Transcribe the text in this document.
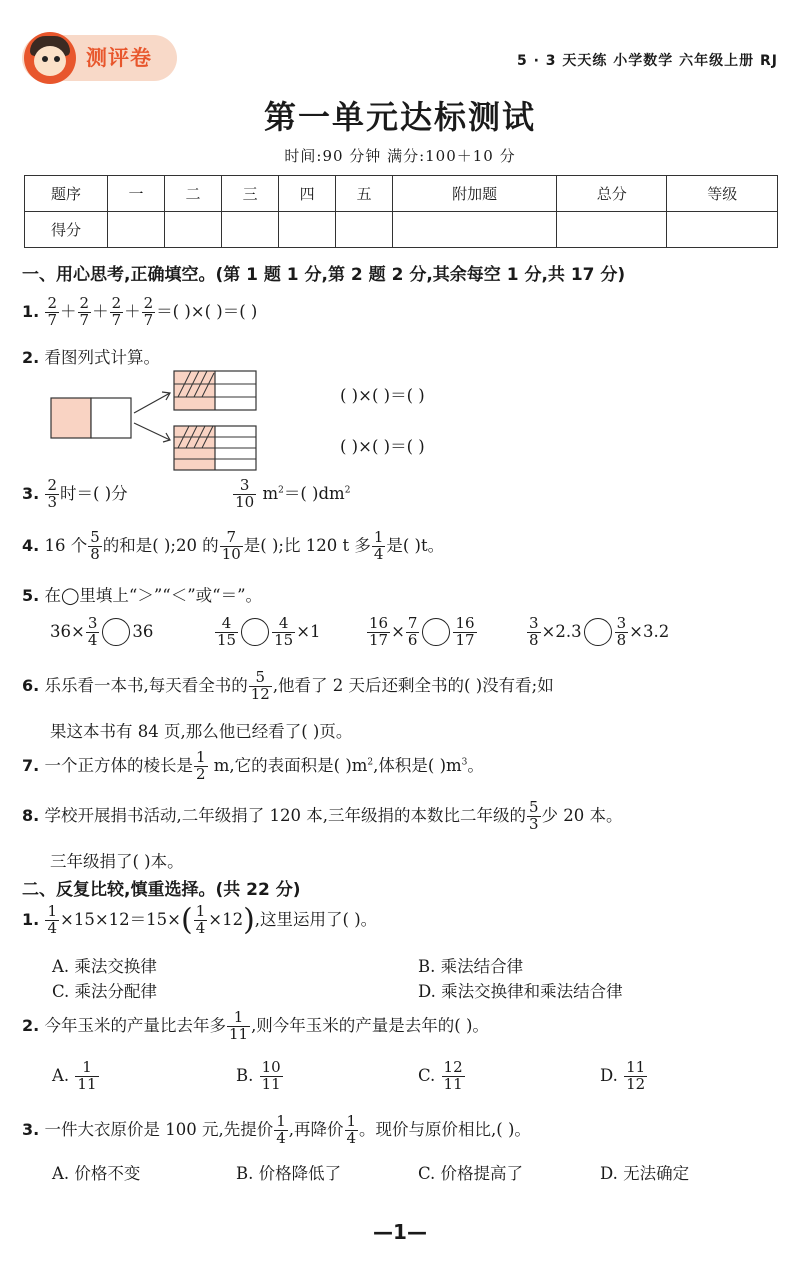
测评卷	5 · 3 天天练 小学数学 六年级上册 RJ
第一单元达标测试
时间:90 分钟 满分:100＋10 分
题序	一	二	三	四	五	附加题	总分	等级
得分								
一、用心思考,正确填空。(第 1 题 1 分,第 2 题 2 分,其余每空 1 分,共 17 分)
1. $\frac{2}{7} + \frac{2}{7} + \frac{2}{7} + \frac{2}{7}$ ＝( )×( )＝( )
2. 看图列式计算。
( )×( )＝( )
( )×( )＝( )
3. $\frac{2}{3}$ 时＝( )分	$\frac{3}{10} m^2=$( )$dm^2$
4. 16 个 $\frac{5}{8}$ 的和是( );20 的 $\frac{7}{10}$ 是( );比 120 t 多 $\frac{1}{4}$ 是( )t。
5. 在◯里填上“＞”“＜”或“＝”。
$36\times \frac{3}{4} 36$	$\frac{4}{15} \frac{4}{15} \times 1$	$\frac{16}{17} \times \frac{7}{6} \frac{16}{17}$	$\frac{3}{8} \times 2.3 \frac{3}{8} \times 3.2$
6. 乐乐看一本书,每天看全书的 $\frac{5}{12}$ ,他看了 2 天后还剩全书的( )没有看;如
果这本书有 84 页,那么他已经看了( )页。
7. 一个正方体的棱长是 $\frac{1}{2} m$,它的表面积是( )$m^2$,体积是( )$m^3$。
8. 学校开展捐书活动,二年级捐了 120 本,三年级捐的本数比二年级的 $\frac{5}{3}$ 少 20 本。
三年级捐了( )本。
二、反复比较,慎重选择。(共 22 分)
1. $\frac{1}{4} \times 15\times 12=15\times( \frac{1}{4} \times 12)$,这里运用了( )。
A. 乘法交换律	B. 乘法结合律
C. 乘法分配律	D. 乘法交换律和乘法结合律
2. 今年玉米的产量比去年多 $\frac{1}{11}$ ,则今年玉米的产量是去年的( )。
A. $\frac{1}{11}$	B. $\frac{10}{11}$	C. $\frac{12}{11}$	D. $\frac{11}{12}$
3. 一件大衣原价是 100 元,先提价 $\frac{1}{4}$ ,再降价 $\frac{1}{4}$ 。现价与原价相比,( )。
A. 价格不变	B. 价格降低了	C. 价格提高了	D. 无法确定
—1—
